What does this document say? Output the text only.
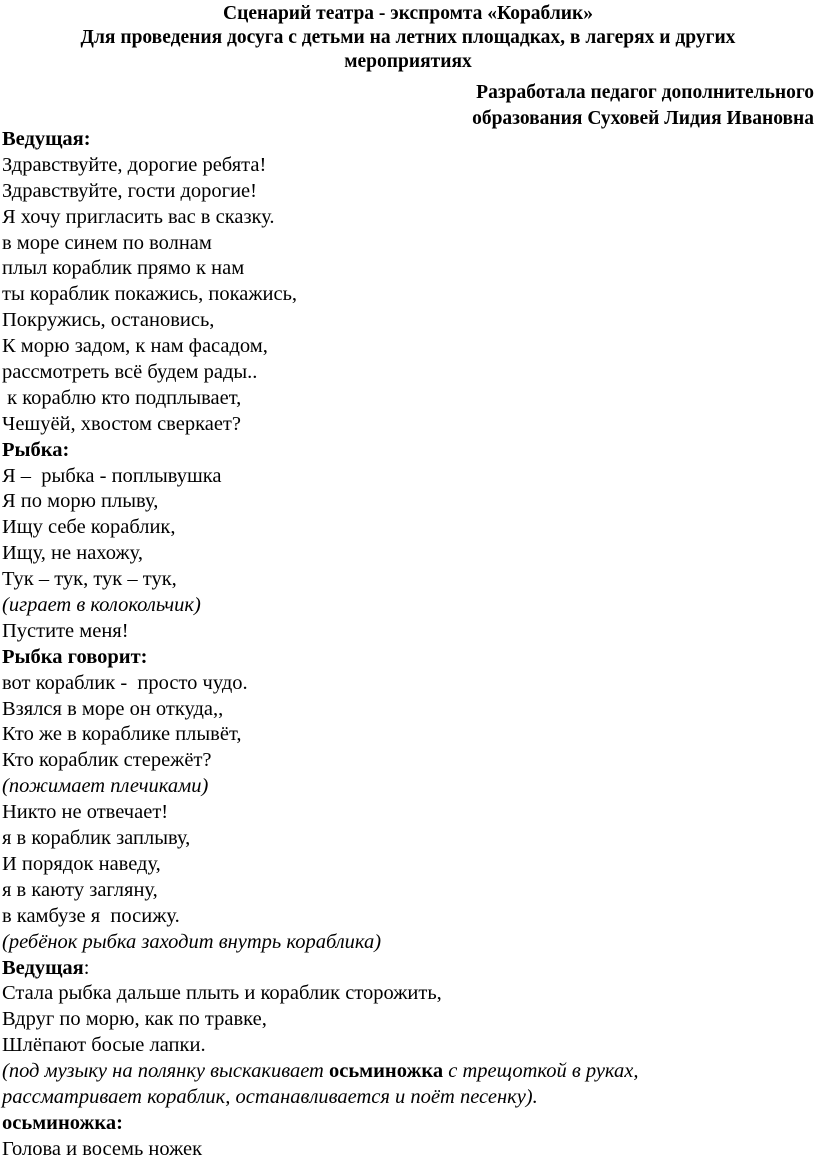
Сценарий театра - экспромта «Кораблик»

Для проведения досуга с детьми на летних площадках, в лагерях и других

мероприятиях

Разработала педагог дополнительного

образования Суховей Лидия Ивановна

Ведущая:

Здравствуйте, дорогие ребята!

Здравствуйте, гости дорогие!

Я хочу пригласить вас в сказку.

в море синем по волнам

плыл кораблик прямо к нам

ты кораблик покажись, покажись,

Покружись, остановись,

К морю задом, к нам фасадом,

рассмотреть всё будем рады..

к кораблю кто подплывает,

Чешуёй, хвостом сверкает?

Рыбка:

Я –  рыбка - поплывушка

Я по морю плыву,

Ищу себе кораблик,

Ищу, не нахожу,

Тук – тук, тук – тук,

(играет в колокольчик)

Пустите меня!

Рыбка говорит:

вот кораблик -  просто чудо.

Взялся в море он откуда,,

Кто же в кораблике плывёт,

Кто кораблик стережёт?

(пожимает плечиками)

Никто не отвечает!

я в кораблик заплыву,

И порядок наведу,

я в каюту загляну,

в камбузе я  посижу.

(ребёнок рыбка заходит внутрь кораблика)

Ведущая:

Стала рыбка дальше плыть и кораблик сторожить,

Вдруг по морю, как по травке,

Шлёпают босые лапки.

(под музыку на полянку выскакивает осьминожка с трещоткой в руках,

рассматривает кораблик, останавливается и поёт песенку).

осьминожка:

Голова и восемь ножек
